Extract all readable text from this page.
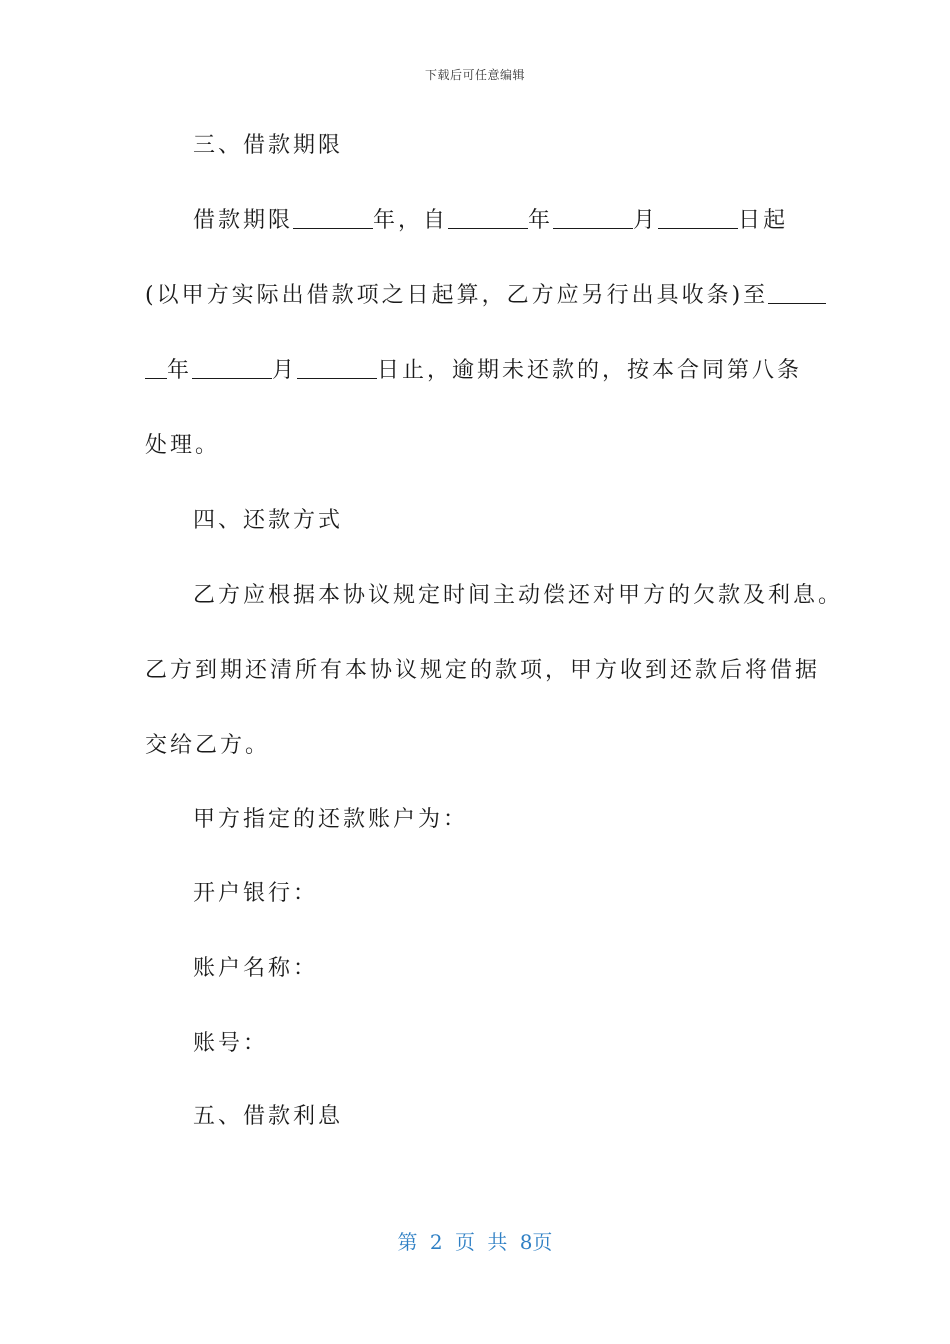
下载后可任意编辑
三、借款期限
借款期限	年，自	年	月	日起
(以甲方实际出借款项之日起算，乙方应另行出具收条)至
年	月	日止，逾期未还款的，按本合同第八条
处理。
四、还款方式
乙方应根据本协议规定时间主动偿还对甲方的欠款及利息。
乙方到期还清所有本协议规定的款项，甲方收到还款后将借据
交给乙方。
甲方指定的还款账户为：
开户银行：
账户名称：
账号：
五、借款利息
第 2 页 共 8页
